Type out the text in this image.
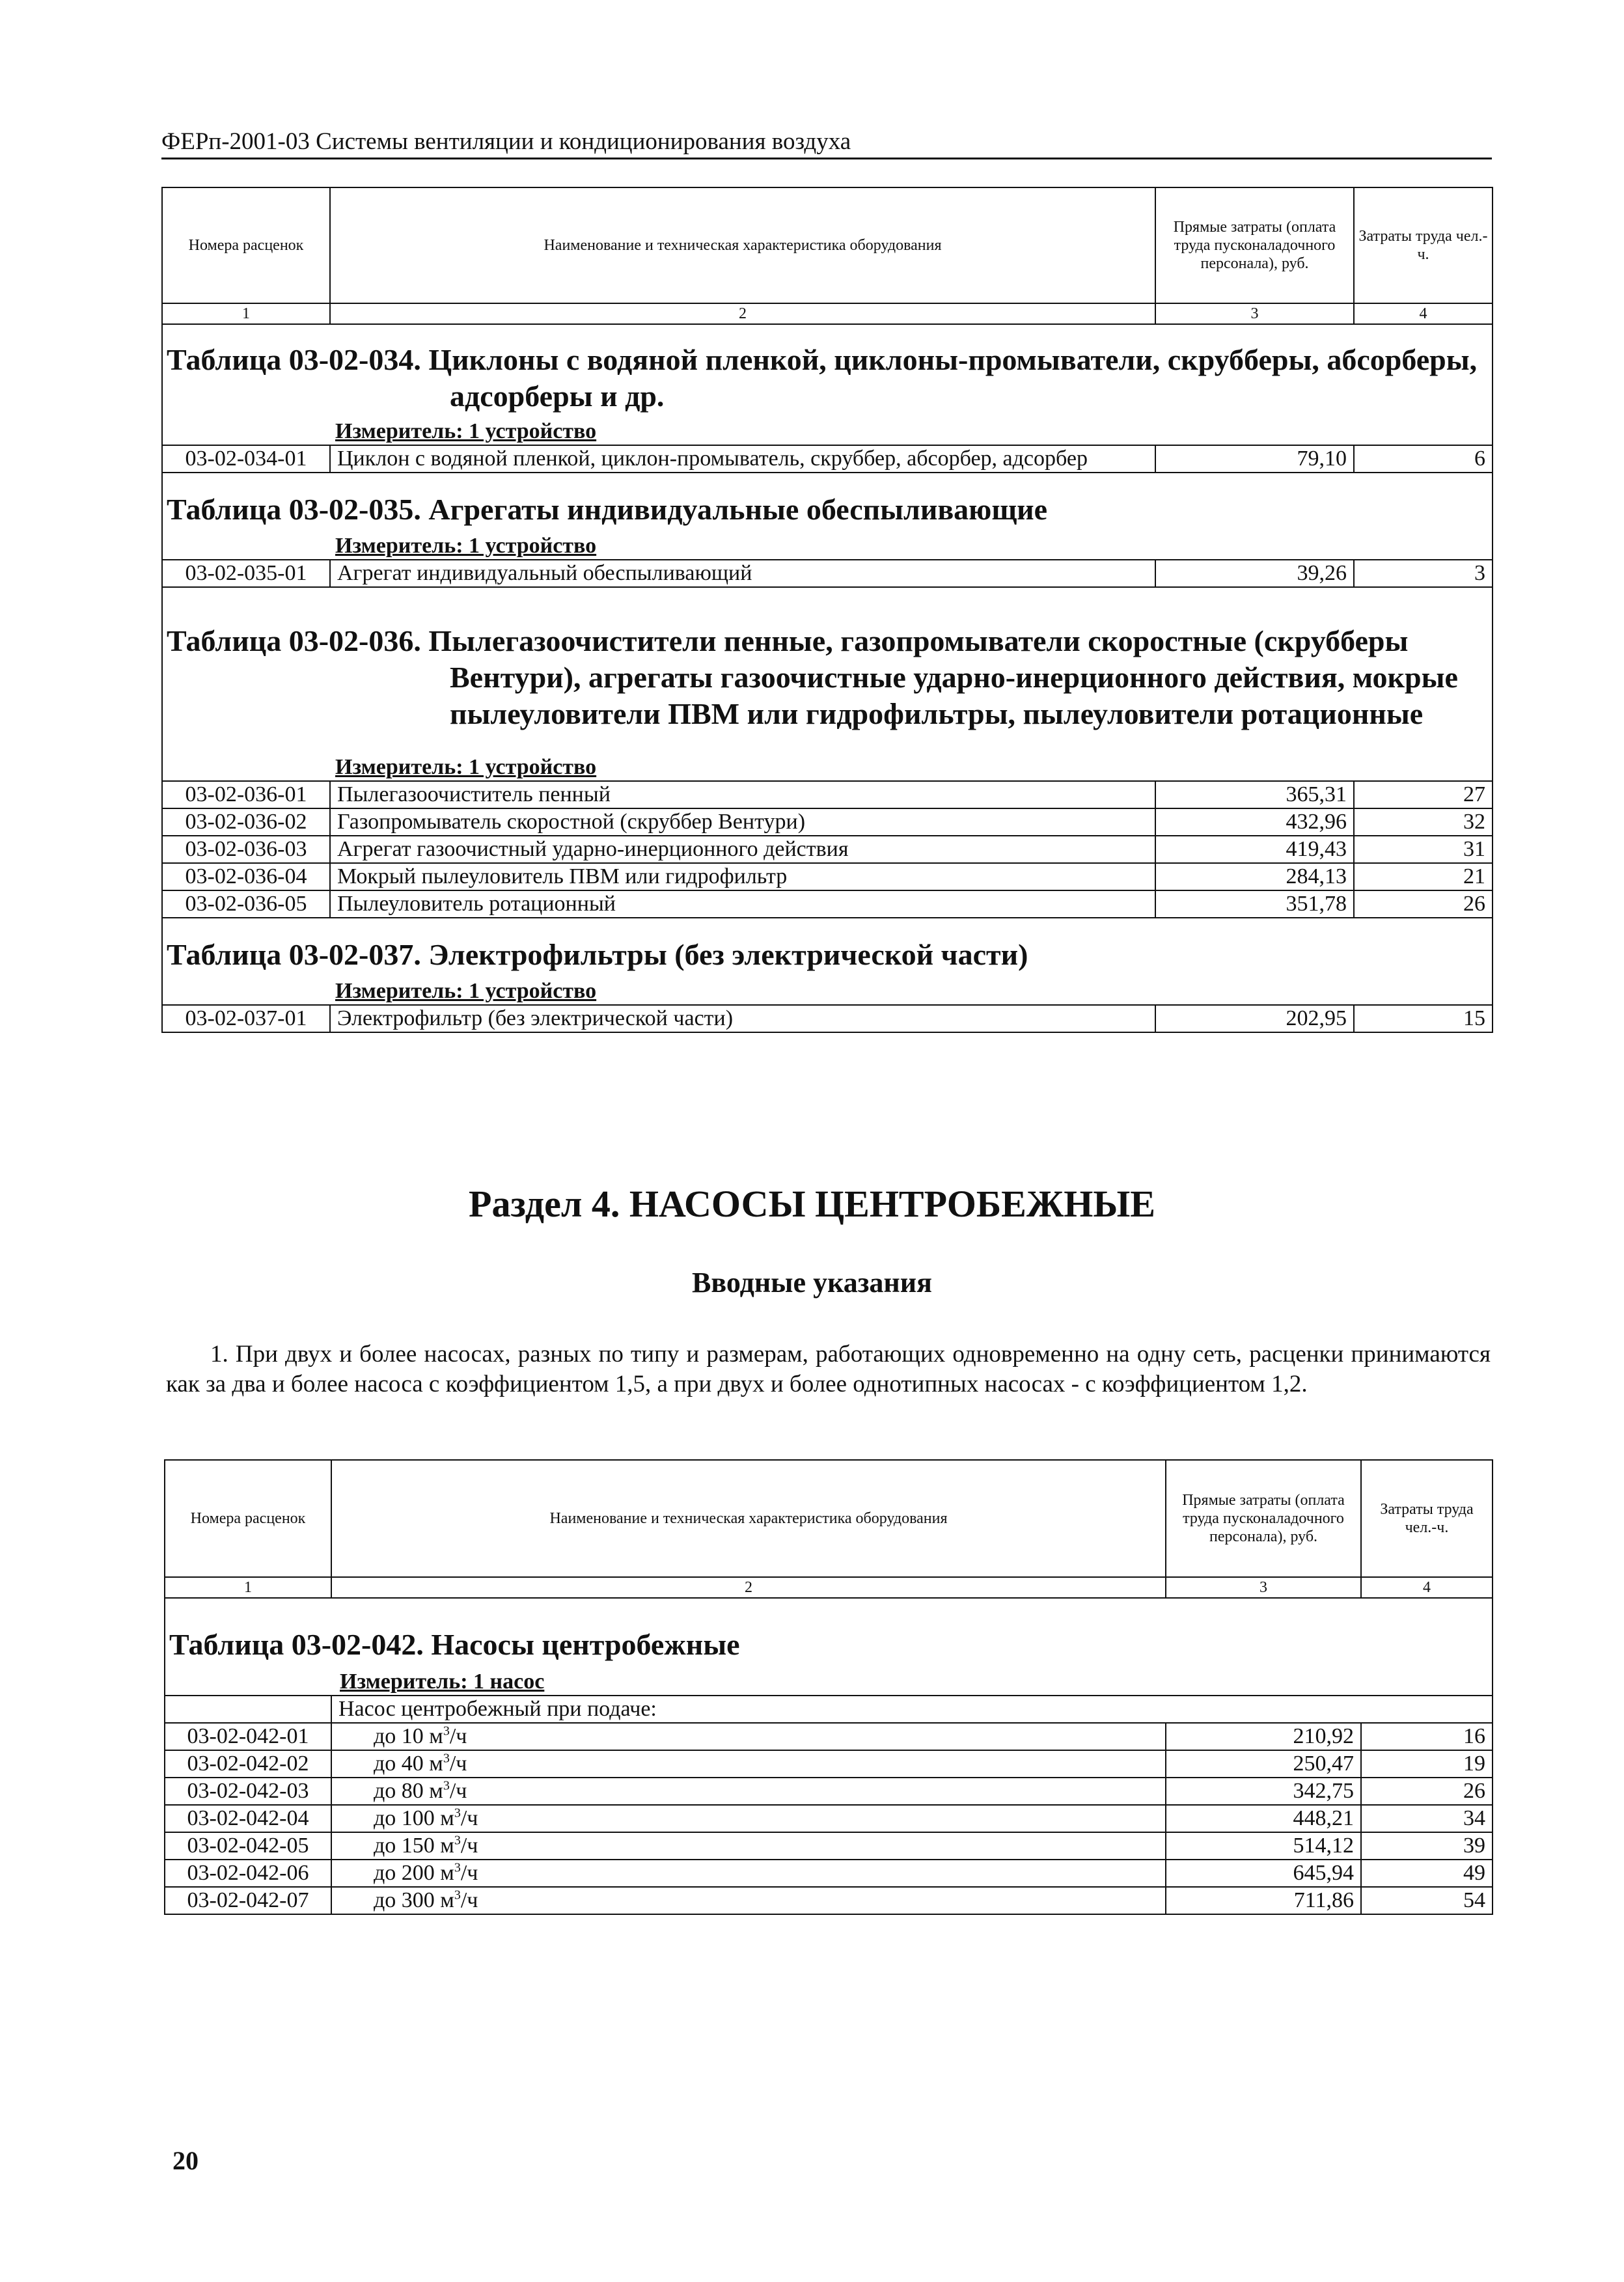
ФЕРп-2001-03 Системы вентиляции и кондиционирования воздуха
Номера расценок	Наименование и техническая характеристика оборудования	Прямые затраты (оплата труда пусконаладочного персонала), руб.	Затраты труда чел.-ч.
1	2	3	4

Таблица 03-02-034. Циклоны с водяной пленкой, циклоны-промыватели, скрубберы, абсорберы, адсорберы и др.			

Измеритель: 1 устройство			
03-02-034-01	Циклон с водяной пленкой, циклон-промыватель, скруббер, абсорбер, адсорбер	79,10	6

Таблица 03-02-035. Агрегаты индивидуальные обеспыливающие			

Измеритель: 1 устройство			
03-02-035-01	Агрегат индивидуальный обеспыливающий	39,26	3

Таблица 03-02-036. Пылегазоочистители пенные, газопромыватели скоростные (скрубберы Вентури), агрегаты газоочистные ударно-инерционного действия, мокрые пылеуловители ПВМ или гидрофильтры, пылеуловители ротационные			

Измеритель: 1 устройство			
03-02-036-01	Пылегазоочиститель пенный	365,31	27
03-02-036-02	Газопромыватель скоростной (скруббер Вентури)	432,96	32
03-02-036-03	Агрегат газоочистный ударно-инерционного действия	419,43	31
03-02-036-04	Мокрый пылеуловитель ПВМ или гидрофильтр	284,13	21
03-02-036-05	Пылеуловитель ротационный	351,78	26

Таблица 03-02-037. Электрофильтры (без электрической части)			

Измеритель: 1 устройство			
03-02-037-01	Электрофильтр (без электрической части)	202,95	15
Раздел 4. НАСОСЫ ЦЕНТРОБЕЖНЫЕ
Вводные указания
1. При двух и более насосах, разных по типу и размерам, работающих одновременно на одну сеть, расценки принимаются как за два и более насоса с коэффициентом 1,5, а при двух и более однотипных насосах - с коэффициентом 1,2.
Номера расценок	Наименование и техническая характеристика оборудования	Прямые затраты (оплата труда пусконаладочного персонала), руб.	Затраты труда чел.-ч.
1	2	3	4

Таблица 03-02-042. Насосы центробежные			

Измеритель: 1 насос			
	Насос центробежный при подаче:		
03-02-042-01	до 10 $м^3/ч$	210,92	16
03-02-042-02	до 40 $м^3/ч$	250,47	19
03-02-042-03	до 80 $м^3/ч$	342,75	26
03-02-042-04	до 100 $м^3/ч$	448,21	34
03-02-042-05	до 150 $м^3/ч$	514,12	39
03-02-042-06	до 200 $м^3/ч$	645,94	49
03-02-042-07	до 300 $м^3/ч$	711,86	54
20
